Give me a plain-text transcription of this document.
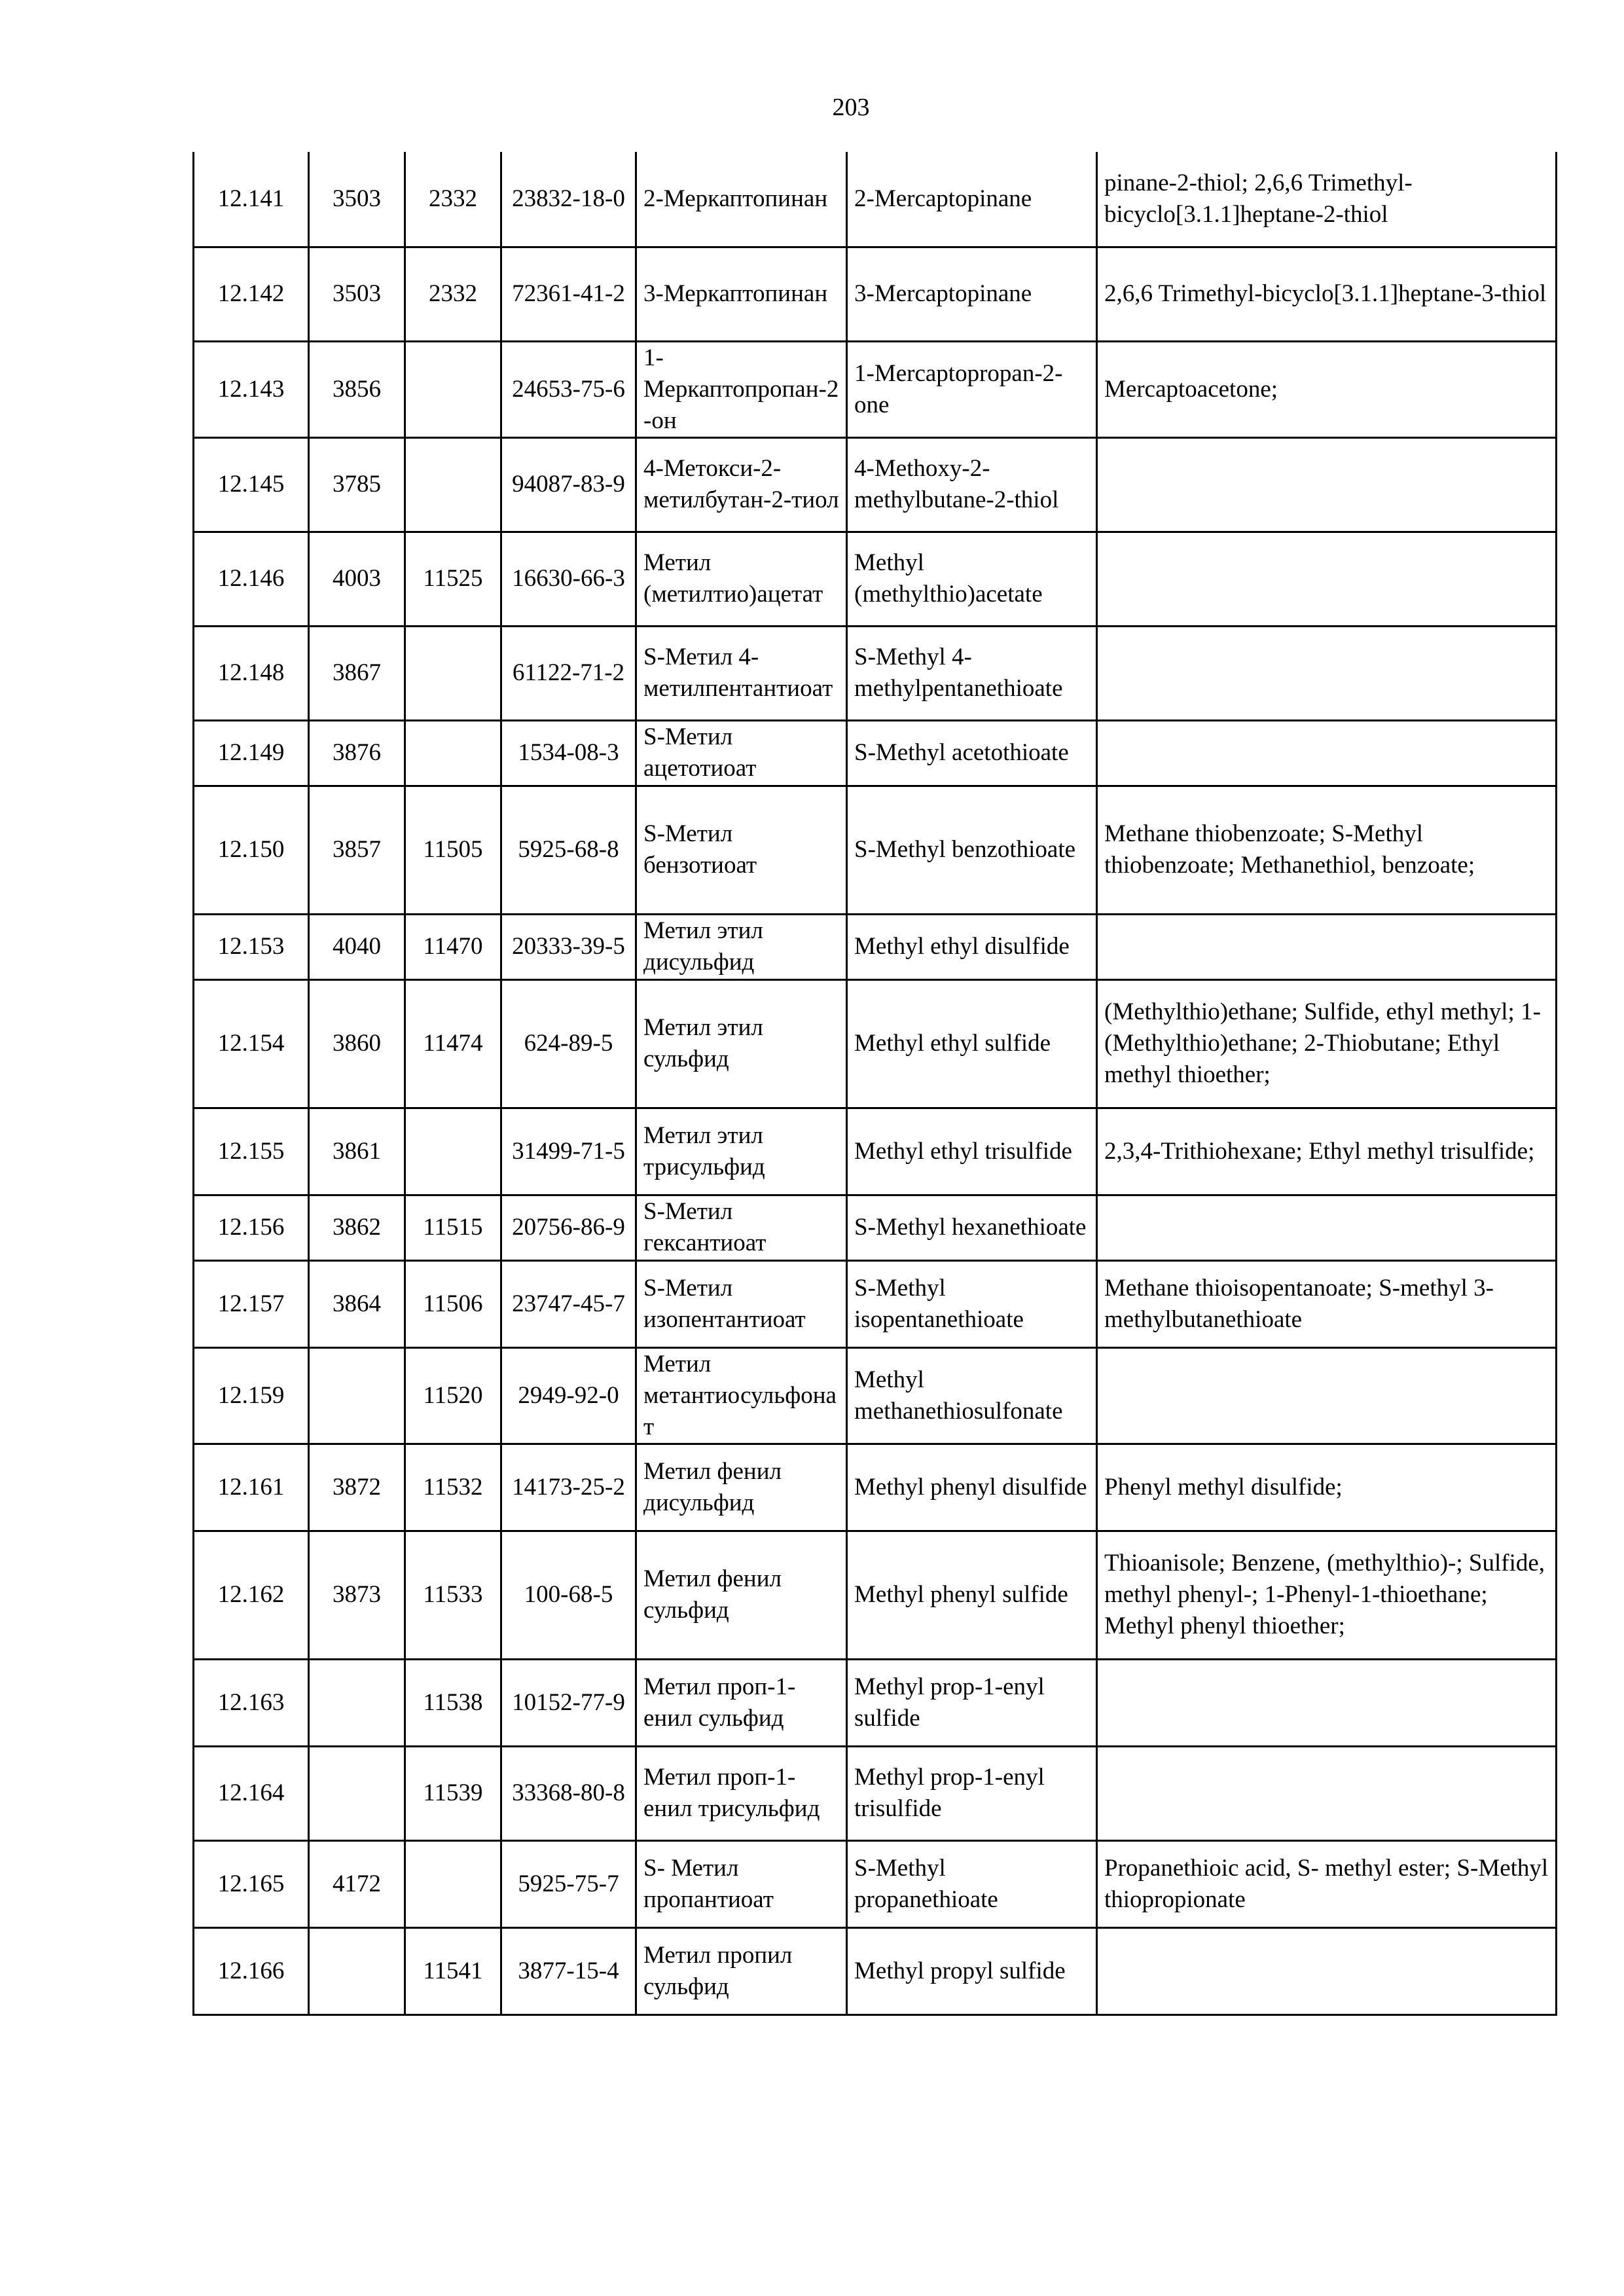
203
12.141	3503	2332	23832-18-0	2-Меркаптопинан	2-Mercaptopinane	pinane-2-thiol; 2,6,6 Trimethyl-bicyclo[3.1.1]heptane-2-thiol
12.142	3503	2332	72361-41-2	3-Меркаптопинан	3-Mercaptopinane	2,6,6 Trimethyl-bicyclo[3.1.1]heptane-3-thiol
12.143	3856		24653-75-6	1-Меркаптопропан-2-он	1-Mercaptopropan-2-one	Mercaptoacetone;
12.145	3785		94087-83-9	4-Метокси-2-метилбутан-2-тиол	4-Methoxy-2-methylbutane-2-thiol	
12.146	4003	11525	16630-66-3	Метил (метилтио)ацетат	Methyl (methylthio)acetate	
12.148	3867		61122-71-2	S-Метил 4-метилпентантиоат	S-Methyl 4-methylpentanethioate	
12.149	3876		1534-08-3	S-Метил ацетотиоат	S-Methyl acetothioate	
12.150	3857	11505	5925-68-8	S-Метил бензотиоат	S-Methyl benzothioate	Methane thiobenzoate; S-Methyl thiobenzoate; Methanethiol, benzoate;
12.153	4040	11470	20333-39-5	Метил этил дисульфид	Methyl ethyl disulfide	
12.154	3860	11474	624-89-5	Метил этил сульфид	Methyl ethyl sulfide	(Methylthio)ethane; Sulfide, ethyl methyl; 1-(Methylthio)ethane; 2-Thiobutane; Ethyl methyl thioether;
12.155	3861		31499-71-5	Метил этил трисульфид	Methyl ethyl trisulfide	2,3,4-Trithiohexane; Ethyl methyl trisulfide;
12.156	3862	11515	20756-86-9	S-Метил гексантиоат	S-Methyl hexanethioate	
12.157	3864	11506	23747-45-7	S-Метил изопентантиоат	S-Methyl isopentanethioate	Methane thioisopentanoate; S-methyl 3-methylbutanethioate
12.159		11520	2949-92-0	Метил метантиосульфонат	Methyl methanethiosulfonate	
12.161	3872	11532	14173-25-2	Метил фенил дисульфид	Methyl phenyl disulfide	Phenyl methyl disulfide;
12.162	3873	11533	100-68-5	Метил фенил сульфид	Methyl phenyl sulfide	Thioanisole; Benzene, (methylthio)-; Sulfide, methyl phenyl-; 1-Phenyl-1-thioethane; Methyl phenyl thioether;
12.163		11538	10152-77-9	Метил проп-1-енил сульфид	Methyl prop-1-enyl sulfide	
12.164		11539	33368-80-8	Метил проп-1-енил трисульфид	Methyl prop-1-enyl trisulfide	
12.165	4172		5925-75-7	S- Метил пропантиоат	S-Methyl propanethioate	Propanethioic acid, S- methyl ester; S-Methyl thiopropionate
12.166		11541	3877-15-4	Метил пропил сульфид	Methyl propyl sulfide	
